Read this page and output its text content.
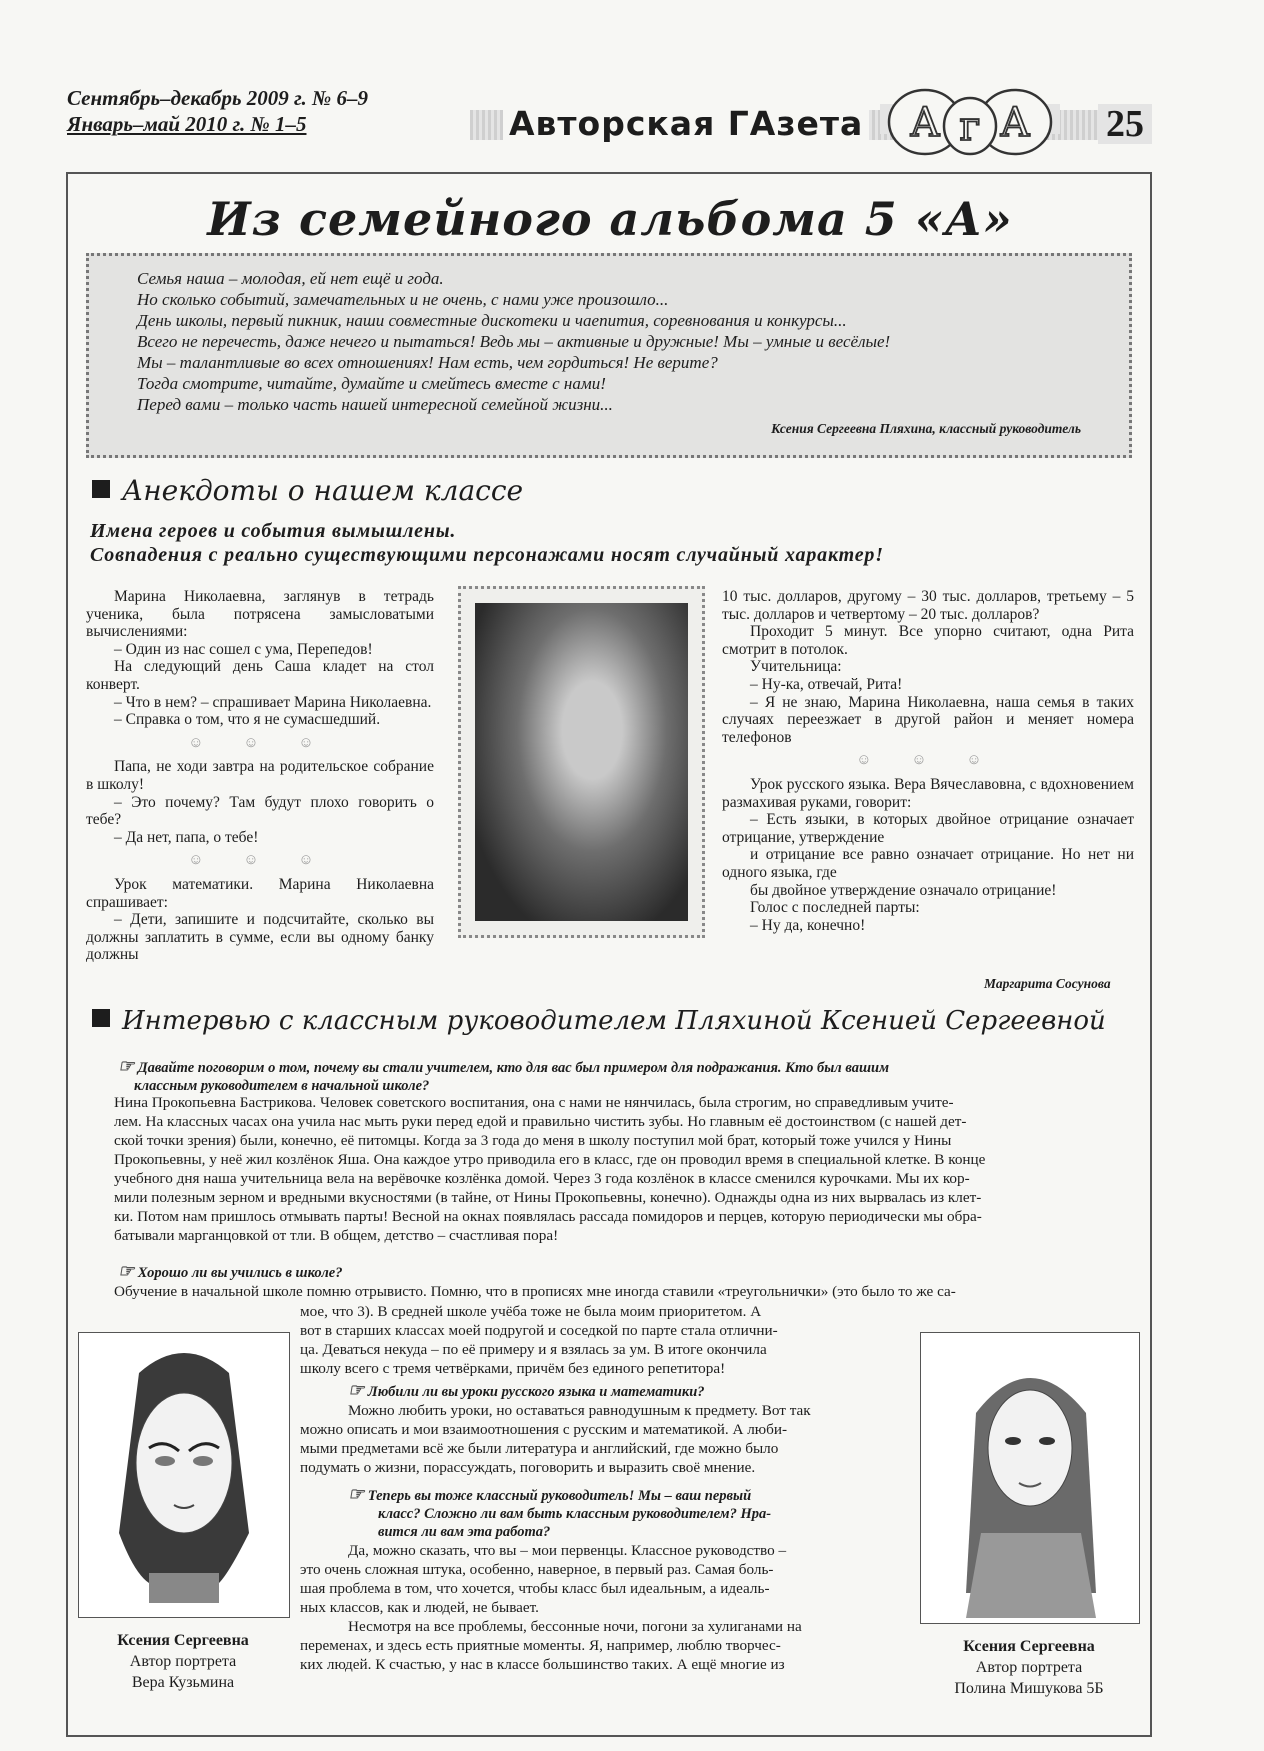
Сентябрь–декабрь 2009 г. № 6–9
Январь–май 2010 г. № 1–5	Авторская ГАзета А г А 25
Из семейного альбома 5 «А»
Семья наша – молодая, ей нет ещё и года.
Но сколько событий, замечательных и не очень, с нами уже произошло...
День школы, первый пикник, наши совместные дискотеки и чаепития, соревнования и конкурсы...
Всего не перечесть, даже нечего и пытаться! Ведь мы – активные и дружные! Мы – умные и весёлые!
Мы – талантливые во всех отношениях! Нам есть, чем гордиться! Не верите?
Тогда смотрите, читайте, думайте и смейтесь вместе с нами!
Перед вами – только часть нашей интересной семейной жизни...
Ксения Сергеевна Пляхина, классный руководитель
Анекдоты о нашем классе
Имена героев и события вымышлены.
Совпадения с реально существующими персонажами носят случайный характер!

Марина Николаевна, заглянув в тетрадь ученика, была потрясена замысловатыми вычислениями:

– Один из нас сошел с ума, Перепедов!

На следующий день Саша кладет на стол конверт.

– Что в нем? – спрашивает Марина Николаевна.

– Справка о том, что я не сумасшедший.

☺ ☺ ☺

Папа, не ходи завтра на родительское собрание в школу!

– Это почему? Там будут плохо говорить о тебе?

– Да нет, папа, о тебе!

☺ ☺ ☺

Урок математики. Марина Николаевна спрашивает:

– Дети, запишите и подсчитайте, сколько вы должны заплатить в сумме, если вы одному банку должны

10 тыс. долларов, другому – 30 тыс. долларов, третьему – 5 тыс. долларов и четвертому – 20 тыс. долларов?

Проходит 5 минут. Все упорно считают, одна Рита смотрит в потолок.

Учительница:

– Ну-ка, отвечай, Рита!

– Я не знаю, Марина Николаевна, наша семья в таких случаях переезжает в другой район и меняет номера телефонов

☺ ☺ ☺

Урок русского языка. Вера Вячеславовна, с вдохновением размахивая руками, говорит:

– Есть языки, в которых двойное отрицание означает отрицание, утверждение

и отрицание все равно означает отрицание. Но нет ни одного языка, где

бы двойное утверждение означало отрицание!

Голос с последней парты:

– Ну да, конечно!

Маргарита Сосунова
Интервью с классным руководителем Пляхиной Ксенией Сергеевной
☞ Давайте поговорим о том, почему вы стали учителем, кто для вас был примером для подражания. Кто был вашим
классным руководителем в начальной школе?
Нина Прокопьевна Бастрикова. Человек советского воспитания, она с нами не нянчилась, была строгим, но справедливым учите-
лем. На классных часах она учила нас мыть руки перед едой и правильно чистить зубы. Но главным её достоинством (с нашей дет-
ской точки зрения) были, конечно, её питомцы. Когда за 3 года до меня в школу поступил мой брат, который тоже учился у Нины
Прокопьевны, у неё жил козлёнок Яша. Она каждое утро приводила его в класс, где он проводил время в специальной клетке. В конце
учебного дня наша учительница вела на верёвочке козлёнка домой. Через 3 года козлёнок в классе сменился курочками. Мы их кор-
мили полезным зерном и вредными вкусностями (в тайне, от Нины Прокопьевны, конечно). Однажды одна из них вырвалась из клет-
ки. Потом нам пришлось отмывать парты! Весной на окнах появлялась рассада помидоров и перцев, которую периодически мы обра-
батывали марганцовкой от тли. В общем, детство – счастливая пора!
☞ Хорошо ли вы учились в школе?
Обучение в начальной школе помню отрывисто. Помню, что в прописях мне иногда ставили «треугольнички» (это было то же са-
Ксения Сергеевна
Автор портрета
Вера Кузьмина
Ксения Сергеевна
Автор портрета
Полина Мишукова 5Б
мое, что 3). В средней школе учёба тоже не была моим приоритетом. А
вот в старших классах моей подругой и соседкой по парте стала отлични-
ца. Деваться некуда – по её примеру и я взялась за ум. В итоге окончила
школу всего с тремя четвёрками, причём без единого репетитора!
☞ Любили ли вы уроки русского языка и математики?
Можно любить уроки, но оставаться равнодушным к предмету. Вот так
можно описать и мои взаимоотношения с русским и математикой. А люби-
мыми предметами всё же были литература и английский, где можно было
подумать о жизни, порассуждать, поговорить и выразить своё мнение.
☞ Теперь вы тоже классный руководитель! Мы – ваш первый
класс? Сложно ли вам быть классным руководителем? Нра-
вится ли вам эта работа?
Да, можно сказать, что вы – мои первенцы. Классное руководство –
это очень сложная штука, особенно, наверное, в первый раз. Самая боль-
шая проблема в том, что хочется, чтобы класс был идеальным, а идеаль-
ных классов, как и людей, не бывает.
Несмотря на все проблемы, бессонные ночи, погони за хулиганами на
переменах, и здесь есть приятные моменты. Я, например, люблю творчес-
ких людей. К счастью, у нас в классе большинство таких. А ещё многие из
